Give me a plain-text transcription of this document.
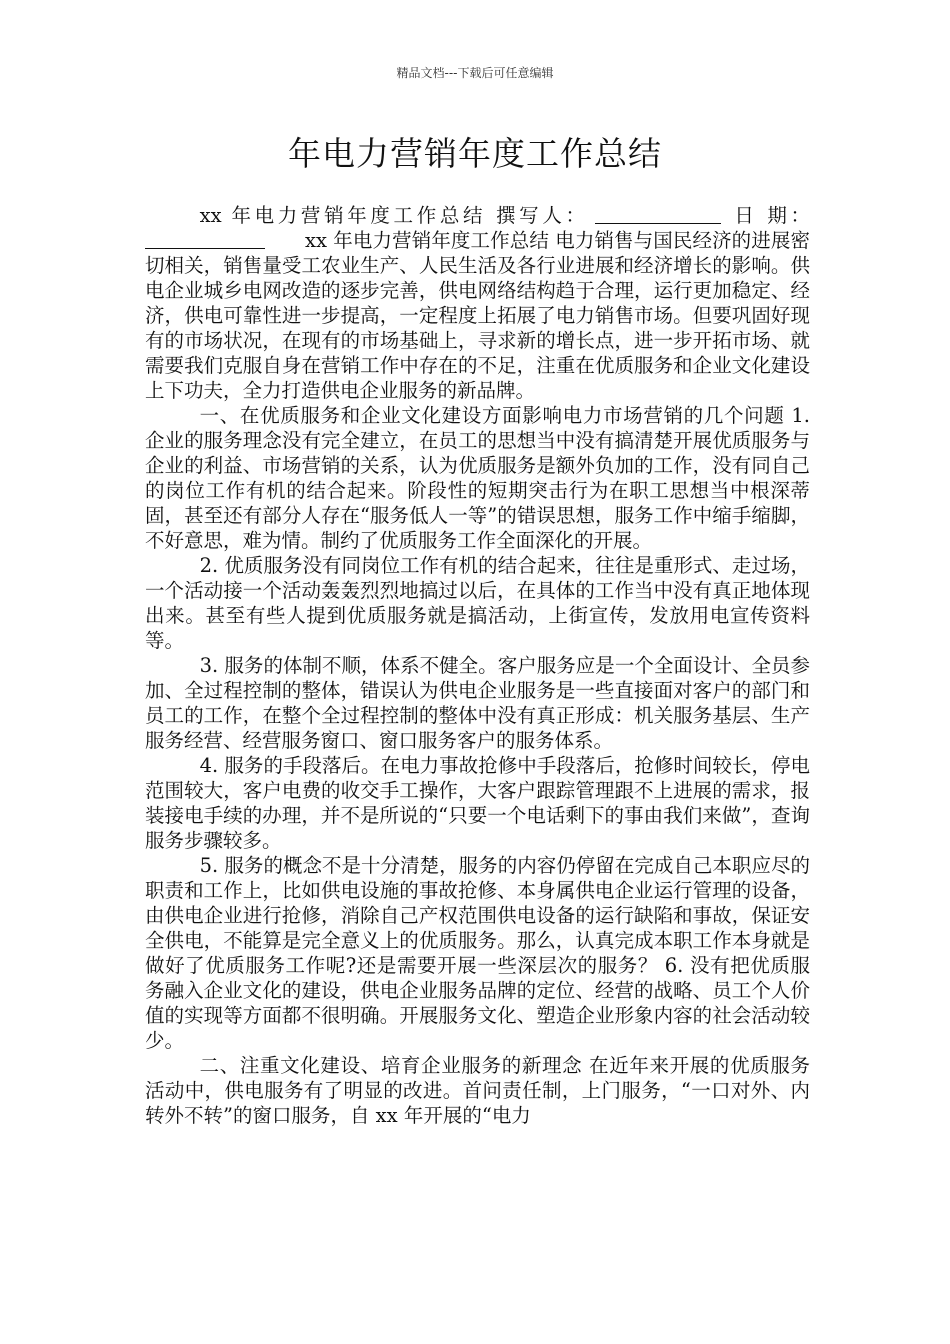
精品文档---下载后可任意编辑
年电力营销年度工作总结

xx 年电力营销年度工作总结 撰写人：	日 期：xx 年电力营销年度工作总结 电力销售与国民经济的进展密切相关，销售量受工农业生产、人民生活及各行业进展和经济增长的影响。供电企业城乡电网改造的逐步完善，供电网络结构趋于合理，运行更加稳定、经济，供电可靠性进一步提高，一定程度上拓展了电力销售市场。但要巩固好现有的市场状况，在现有的市场基础上，寻求新的增长点，进一步开拓市场、就需要我们克服自身在营销工作中存在的不足，注重在优质服务和企业文化建设上下功夫，全力打造供电企业服务的新品牌。

一、在优质服务和企业文化建设方面影响电力市场营销的几个问题 1. 企业的服务理念没有完全建立，在员工的思想当中没有搞清楚开展优质服务与企业的利益、市场营销的关系，认为优质服务是额外负加的工作，没有同自己的岗位工作有机的结合起来。阶段性的短期突击行为在职工思想当中根深蒂固，甚至还有部分人存在“服务低人一等”的错误思想，服务工作中缩手缩脚，不好意思，难为情。制约了优质服务工作全面深化的开展。

2. 优质服务没有同岗位工作有机的结合起来，往往是重形式、走过场，一个活动接一个活动轰轰烈烈地搞过以后，在具体的工作当中没有真正地体现出来。甚至有些人提到优质服务就是搞活动，上街宣传，发放用电宣传资料等。

3. 服务的体制不顺，体系不健全。客户服务应是一个全面设计、全员参加、全过程控制的整体，错误认为供电企业服务是一些直接面对客户的部门和员工的工作，在整个全过程控制的整体中没有真正形成：机关服务基层、生产服务经营、经营服务窗口、窗口服务客户的服务体系。

4. 服务的手段落后。在电力事故抢修中手段落后，抢修时间较长，停电范围较大，客户电费的收交手工操作，大客户跟踪管理跟不上进展的需求，报装接电手续的办理，并不是所说的“只要一个电话剩下的事由我们来做”，查询服务步骤较多。

5. 服务的概念不是十分清楚，服务的内容仍停留在完成自己本职应尽的职责和工作上，比如供电设施的事故抢修、本身属供电企业运行管理的设备，由供电企业进行抢修，消除自己产权范围供电设备的运行缺陷和事故，保证安全供电，不能算是完全意义上的优质服务。那么，认真完成本职工作本身就是做好了优质服务工作呢?还是需要开展一些深层次的服务？ 6. 没有把优质服务融入企业文化的建设，供电企业服务品牌的定位、经营的战略、员工个人价值的实现等方面都不很明确。开展服务文化、塑造企业形象内容的社会活动较少。

二、注重文化建设、培育企业服务的新理念 在近年来开展的优质服务活动中，供电服务有了明显的改进。首问责任制，上门服务，“一口对外、内转外不转”的窗口服务，自 xx 年开展的“电力
